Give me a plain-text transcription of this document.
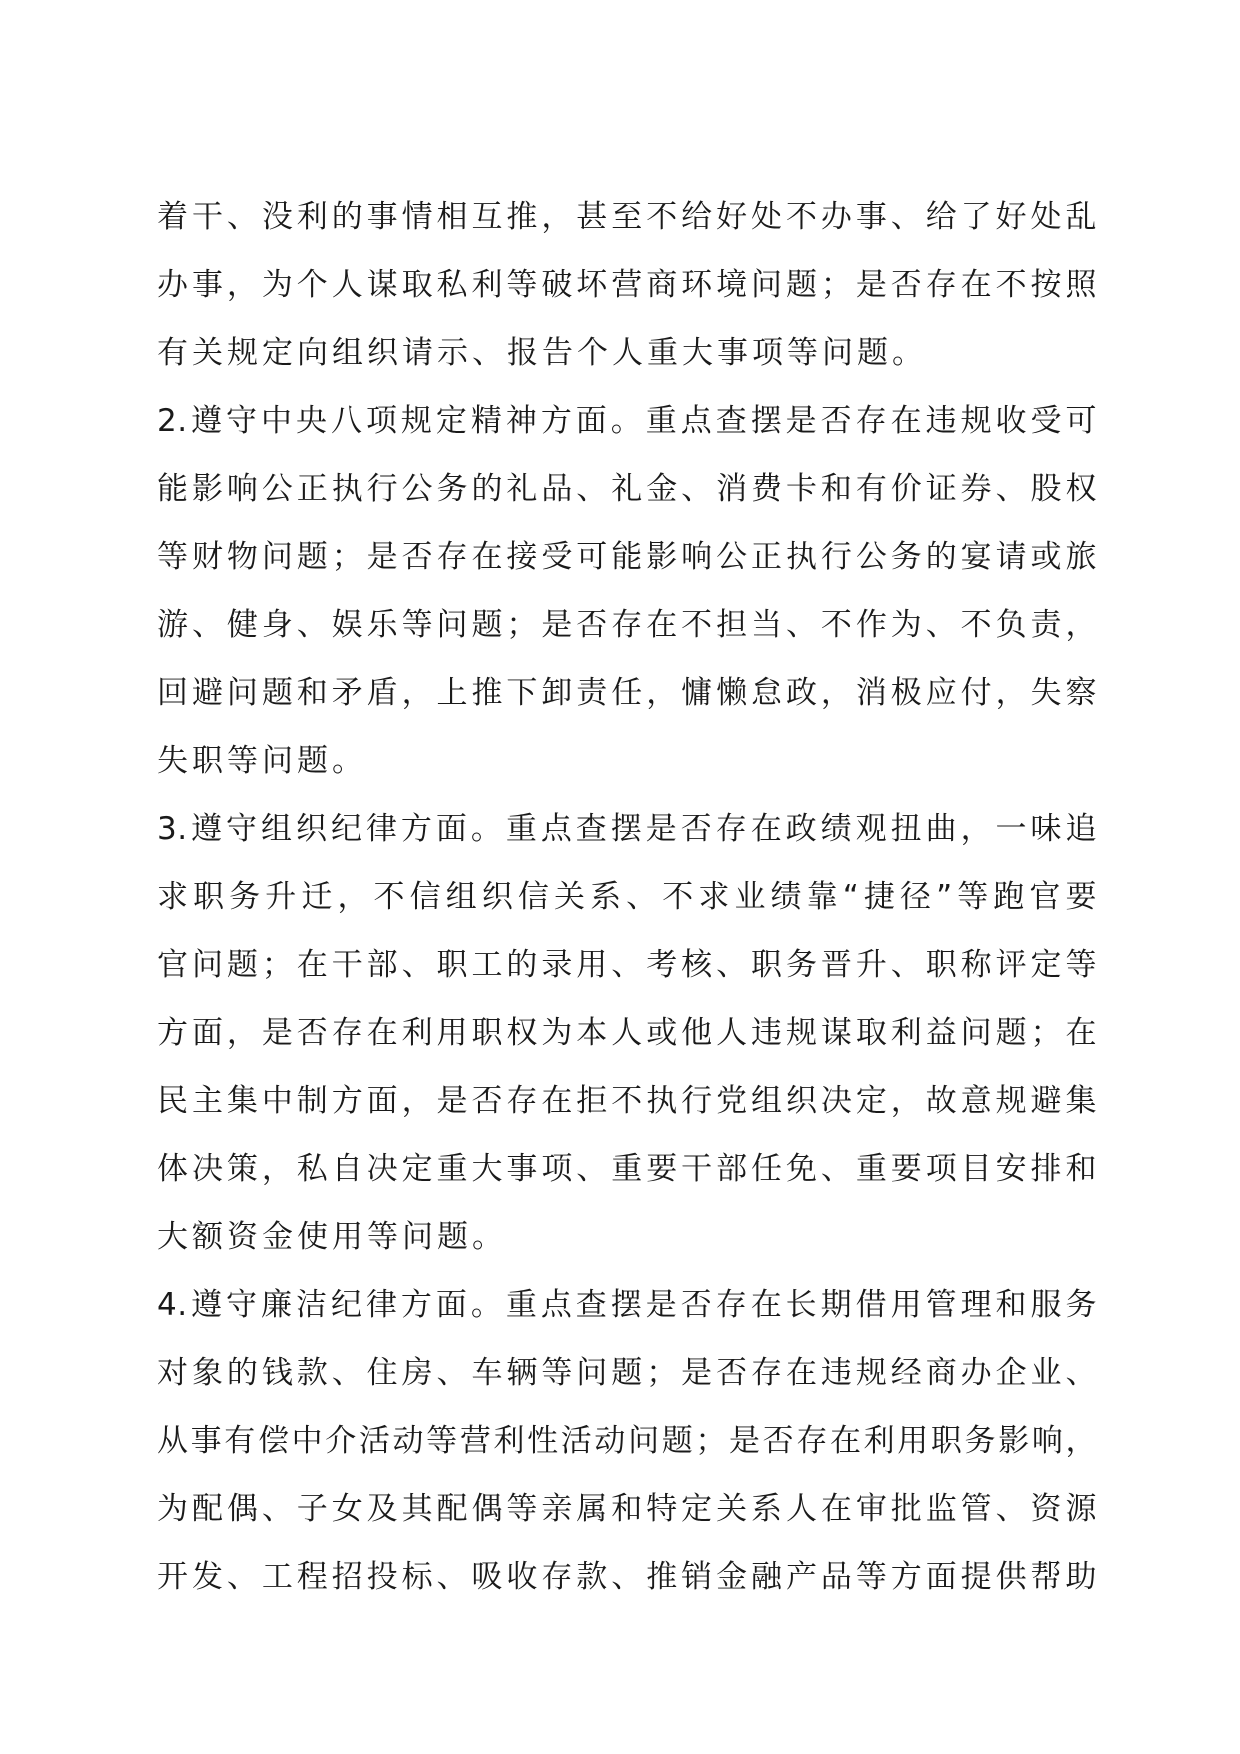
着干、没利的事情相互推，甚至不给好处不办事、给了好处乱
办事，为个人谋取私利等破坏营商环境问题；是否存在不按照
有关规定向组织请示、报告个人重大事项等问题。
2.遵守中央八项规定精神方面。重点查摆是否存在违规收受可
能影响公正执行公务的礼品、礼金、消费卡和有价证券、股权
等财物问题；是否存在接受可能影响公正执行公务的宴请或旅
游、健身、娱乐等问题；是否存在不担当、不作为、不负责，
回避问题和矛盾，上推下卸责任，慵懒怠政，消极应付，失察
失职等问题。
3.遵守组织纪律方面。重点查摆是否存在政绩观扭曲，一味追
求职务升迁，不信组织信关系、不求业绩靠“捷径”等跑官要
官问题；在干部、职工的录用、考核、职务晋升、职称评定等
方面，是否存在利用职权为本人或他人违规谋取利益问题；在
民主集中制方面，是否存在拒不执行党组织决定，故意规避集
体决策，私自决定重大事项、重要干部任免、重要项目安排和
大额资金使用等问题。
4.遵守廉洁纪律方面。重点查摆是否存在长期借用管理和服务
对象的钱款、住房、车辆等问题；是否存在违规经商办企业、
从事有偿中介活动等营利性活动问题；是否存在利用职务影响，
为配偶、子女及其配偶等亲属和特定关系人在审批监管、资源
开发、工程招投标、吸收存款、推销金融产品等方面提供帮助
